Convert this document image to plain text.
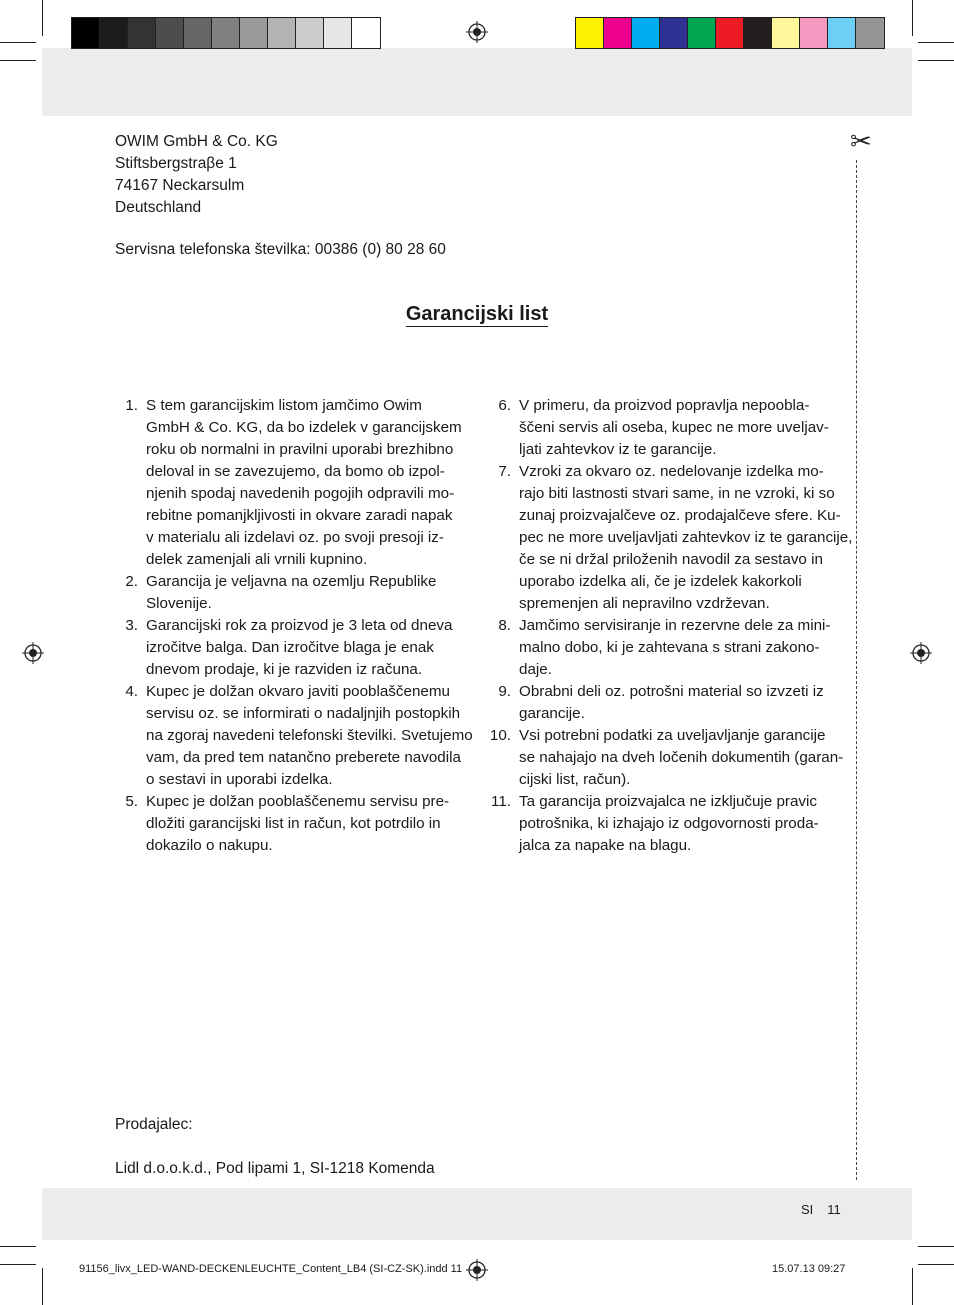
✂
OWIM GmbH & Co. KG
Stiftsbergstraβe 1
74167 Neckarsulm
Deutschland
Servisna telefonska številka: 00386 (0) 80 28 60
Garancijski list
1. S tem garancijskim listom jamčimo Owim
GmbH & Co. KG, da bo izdelek v garancijskem
roku ob normalni in pravilni uporabi brezhibno
deloval in se zavezujemo, da bomo ob izpol-
njenih spodaj navedenih pogojih odpravili mo-
rebitne pomanjkljivosti in okvare zaradi napak
v materialu ali izdelavi oz. po svoji presoji iz-
delek zamenjali ali vrnili kupnino.
2. Garancija je veljavna na ozemlju Republike
Slovenije.
3. Garancijski rok za proizvod je 3 leta od dneva
izročitve balga. Dan izročitve blaga je enak
dnevom prodaje, ki je razviden iz računa.
4. Kupec je dolžan okvaro javiti pooblaščenemu
servisu oz. se informirati o nadaljnjih postopkih
na zgoraj navedeni telefonski številki. Svetujemo
vam, da pred tem natančno preberete navodila
o sestavi in uporabi izdelka.
5. Kupec je dolžan pooblaščenemu servisu pre-
dložiti garancijski list in račun, kot potrdilo in
dokazilo o nakupu.
6. V primeru, da proizvod popravlja nepoobla-
ščeni servis ali oseba, kupec ne more uveljav-
ljati zahtevkov iz te garancije.
7. Vzroki za okvaro oz. nedelovanje izdelka mo-
rajo biti lastnosti stvari same, in ne vzroki, ki so
zunaj proizvajalčeve oz. prodajalčeve sfere. Ku-
pec ne more uveljavljati zahtevkov iz te garancije,
če se ni držal priloženih navodil za sestavo in
uporabo izdelka ali, če je izdelek kakorkoli
spremenjen ali nepravilno vzdrževan.
8. Jamčimo servisiranje in rezervne dele za mini-
malno dobo, ki je zahtevana s strani zakono-
daje.
9. Obrabni deli oz. potrošni material so izvzeti iz
garancije.
10. Vsi potrebni podatki za uveljavljanje garancije
se nahajajo na dveh ločenih dokumentih (garan-
cijski list, račun).
11. Ta garancija proizvajalca ne izključuje pravic
potrošnika, ki izhajajo iz odgovornosti proda-
jalca za napake na blagu.
Prodajalec:
Lidl d.o.o.k.d., Pod lipami 1, SI-1218 Komenda
SI 11
91156_livx_LED-WAND-DECKENLEUCHTE_Content_LB4 (SI-CZ-SK).indd 11	15.07.13 09:27
